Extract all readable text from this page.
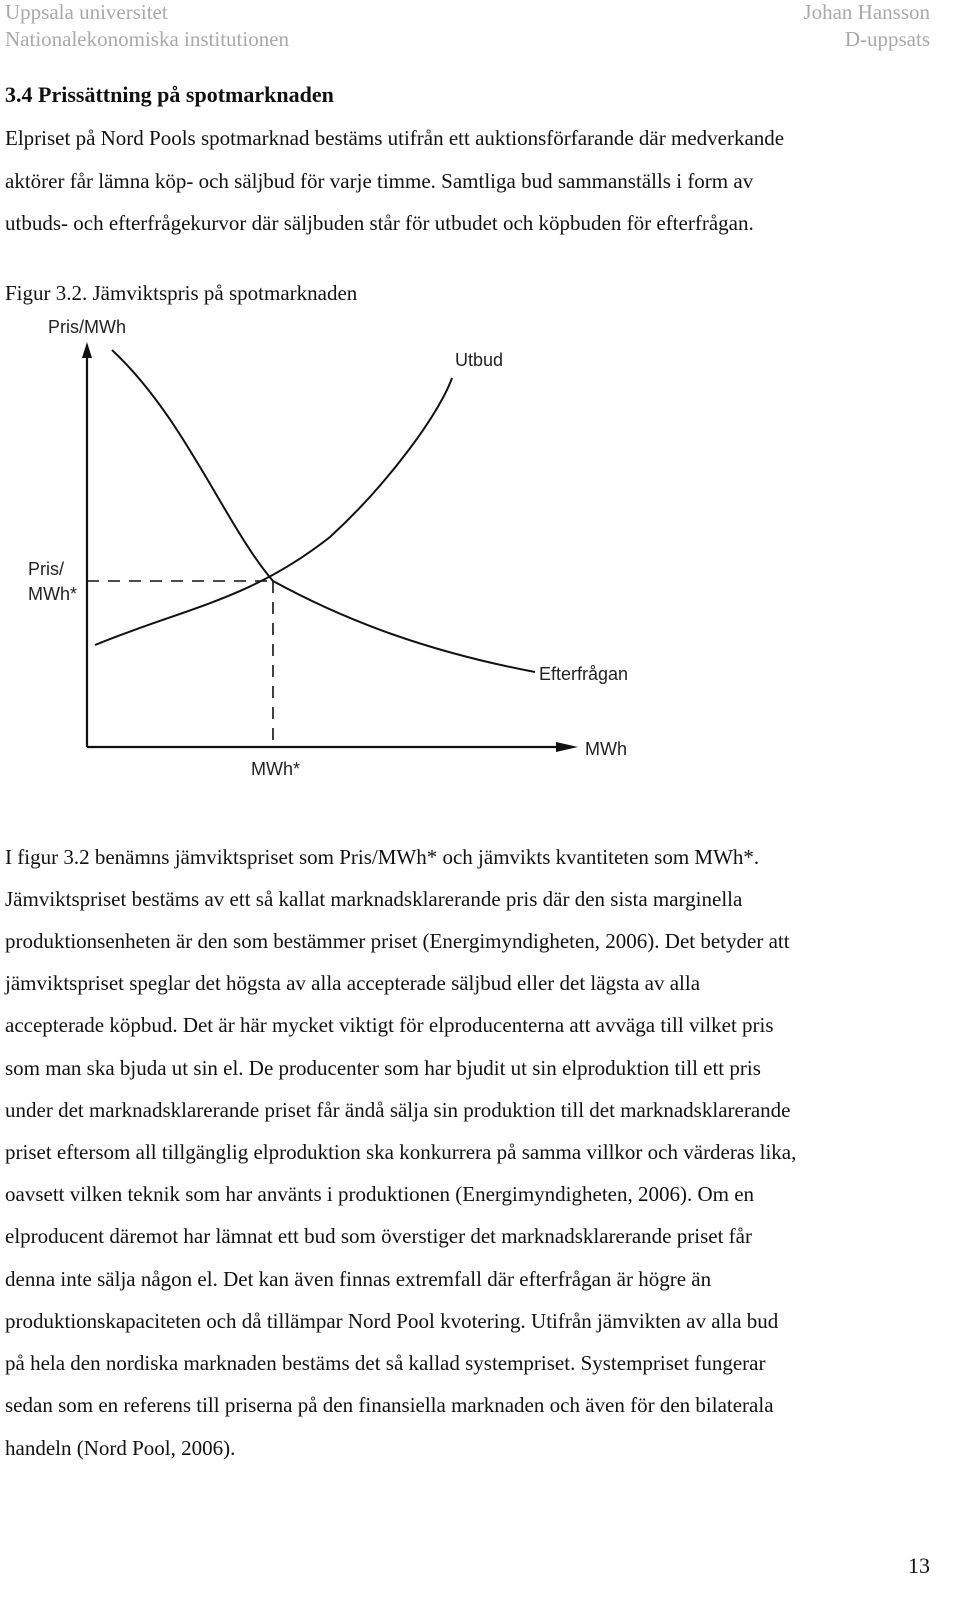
Uppsala universitet
Nationalekonomiska institutionen
Johan Hansson
D-uppsats
3.4 Prissättning på spotmarknaden
Elpriset på Nord Pools spotmarknad bestäms utifrån ett auktionsförfarande där medverkande
aktörer får lämna köp- och säljbud för varje timme. Samtliga bud sammanställs i form av
utbuds- och efterfrågekurvor där säljbuden står för utbudet och köpbuden för efterfrågan.
Figur 3.2. Jämviktspris på spotmarknaden
Pris/MWh
Utbud
Pris/
MWh*
Efterfrågan
MWh
MWh*
I figur 3.2 benämns jämviktspriset som Pris/MWh* och jämvikts kvantiteten som MWh*.
Jämviktspriset bestäms av ett så kallat marknadsklarerande pris där den sista marginella
produktionsenheten är den som bestämmer priset (Energimyndigheten, 2006). Det betyder att
jämviktspriset speglar det högsta av alla accepterade säljbud eller det lägsta av alla
accepterade köpbud. Det är här mycket viktigt för elproducenterna att avväga till vilket pris
som man ska bjuda ut sin el. De producenter som har bjudit ut sin elproduktion till ett pris
under det marknadsklarerande priset får ändå sälja sin produktion till det marknadsklarerande
priset eftersom all tillgänglig elproduktion ska konkurrera på samma villkor och värderas lika,
oavsett vilken teknik som har använts i produktionen (Energimyndigheten, 2006). Om en
elproducent däremot har lämnat ett bud som överstiger det marknadsklarerande priset får
denna inte sälja någon el. Det kan även finnas extremfall där efterfrågan är högre än
produktionskapaciteten och då tillämpar Nord Pool kvotering. Utifrån jämvikten av alla bud
på hela den nordiska marknaden bestäms det så kallad systempriset. Systempriset fungerar
sedan som en referens till priserna på den finansiella marknaden och även för den bilaterala
handeln (Nord Pool, 2006).
13
